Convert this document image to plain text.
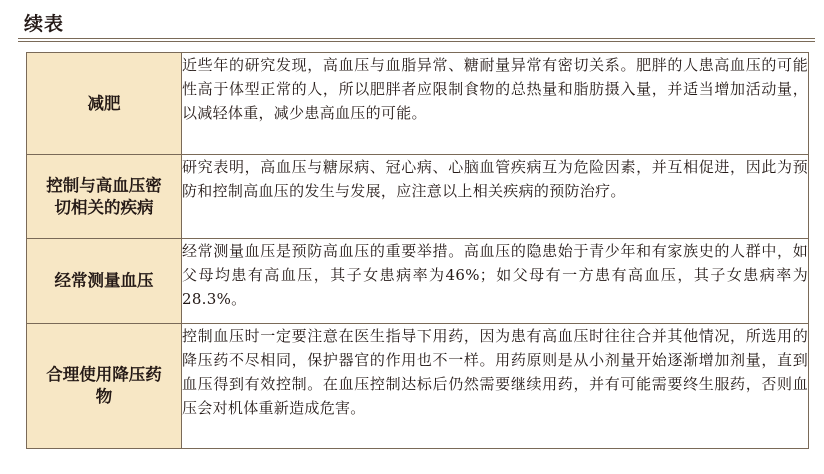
续表
减肥	近些年的研究发现，高血压与血脂异常、糖耐量异常有密切关系。肥胖的人患高血压的可能性高于体型正常的人，所以肥胖者应限制食物的总热量和脂肪摄入量，并适当增加活动量，以减轻体重，减少患高血压的可能。
控制与高血压密切相关的疾病	研究表明，高血压与糖尿病、冠心病、心脑血管疾病互为危险因素，并互相促进，因此为预防和控制高血压的发生与发展，应注意以上相关疾病的预防治疗。
经常测量血压	经常测量血压是预防高血压的重要举措。高血压的隐患始于青少年和有家族史的人群中，如父母均患有高血压，其子女患病率为46%；如父母有一方患有高血压，其子女患病率为28.3%。
合理使用降压药物	控制血压时一定要注意在医生指导下用药，因为患有高血压时往往合并其他情况，所选用的降压药不尽相同，保护器官的作用也不一样。用药原则是从小剂量开始逐渐增加剂量，直到血压得到有效控制。在血压控制达标后仍然需要继续用药，并有可能需要终生服药，否则血压会对机体重新造成危害。
